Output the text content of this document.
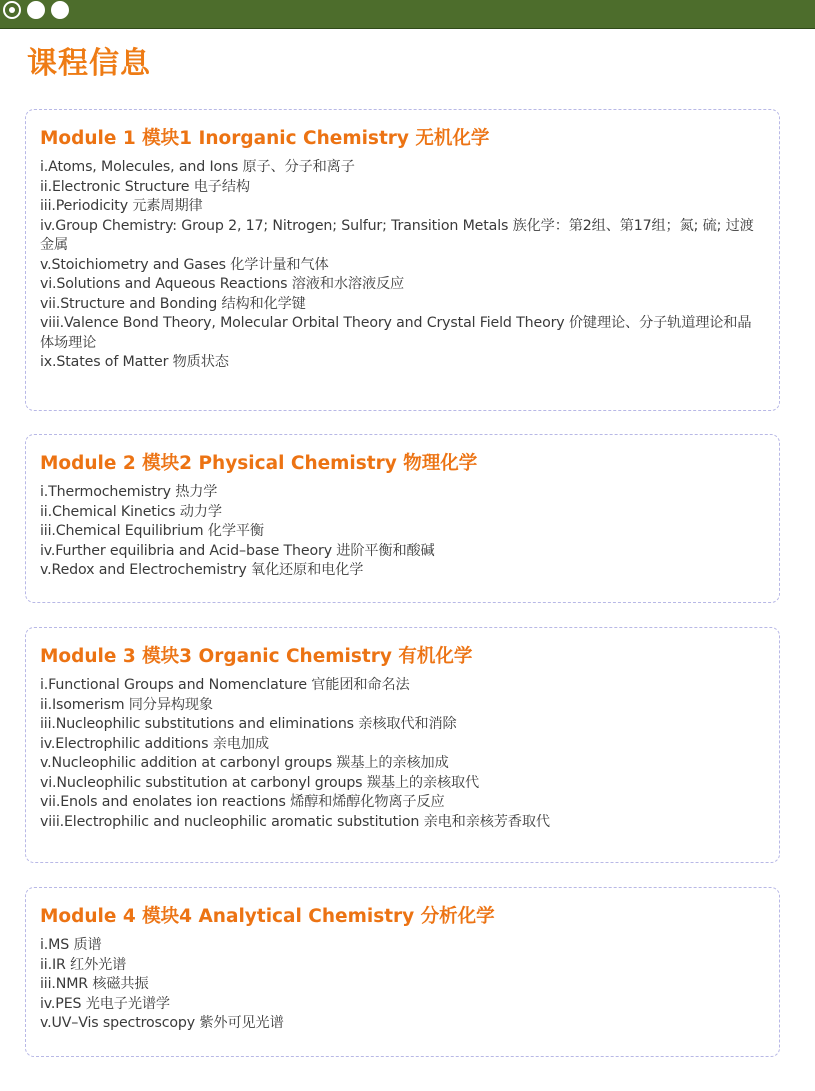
课程信息
Module 1 模块1 Inorganic Chemistry 无机化学
i.Atoms, Molecules, and Ions 原子、分子和离子
ii.Electronic Structure 电子结构
iii.Periodicity 元素周期律
iv.Group Chemistry: Group 2, 17; Nitrogen; Sulfur; Transition Metals 族化学：第2组、第17组；氮; 硫; 过渡金属
v.Stoichiometry and Gases 化学计量和气体
vi.Solutions and Aqueous Reactions 溶液和水溶液反应
vii.Structure and Bonding 结构和化学键
viii.Valence Bond Theory, Molecular Orbital Theory and Crystal Field Theory 价键理论、分子轨道理论和晶体场理论
ix.States of Matter 物质状态
Module 2 模块2 Physical Chemistry 物理化学
i.Thermochemistry 热力学
ii.Chemical Kinetics 动力学
iii.Chemical Equilibrium 化学平衡
iv.Further equilibria and Acid–base Theory 进阶平衡和酸碱
v.Redox and Electrochemistry 氧化还原和电化学
Module 3 模块3 Organic Chemistry 有机化学
i.Functional Groups and Nomenclature 官能团和命名法
ii.Isomerism 同分异构现象
iii.Nucleophilic substitutions and eliminations 亲核取代和消除
iv.Electrophilic additions 亲电加成
v.Nucleophilic addition at carbonyl groups 羰基上的亲核加成
vi.Nucleophilic substitution at carbonyl groups 羰基上的亲核取代
vii.Enols and enolates ion reactions 烯醇和烯醇化物离子反应
viii.Electrophilic and nucleophilic aromatic substitution 亲电和亲核芳香取代
Module 4 模块4 Analytical Chemistry 分析化学
i.MS 质谱
ii.IR 红外光谱
iii.NMR 核磁共振
iv.PES 光电子光谱学
v.UV–Vis spectroscopy 紫外可见光谱
